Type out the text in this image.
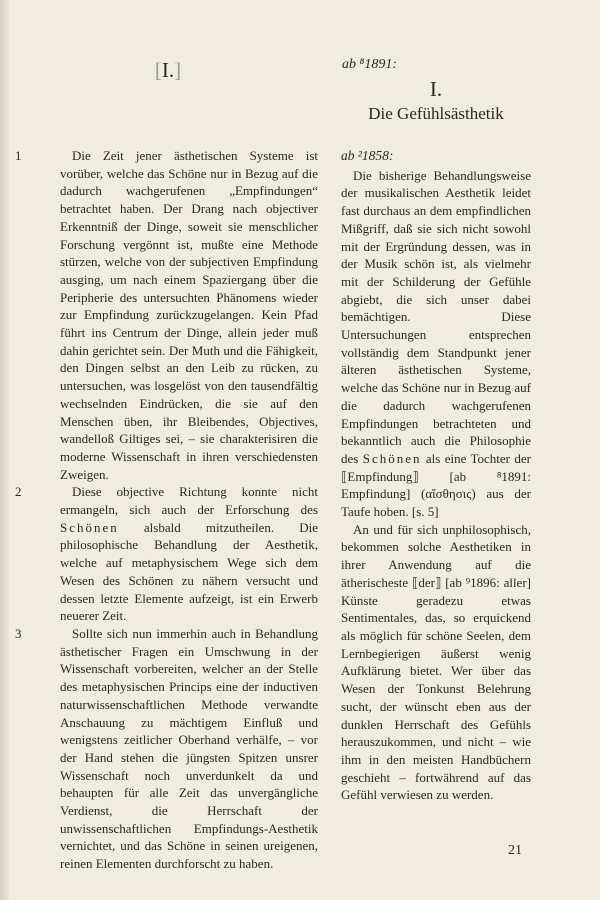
[I.]	ab ⁸1891:
I.
Die Gefühlsästhetik

1	Die Zeit jener ästhetischen Systeme ist vorüber, welche das Schöne nur in Bezug auf die dadurch wachgerufenen „Empfindungen“ betrachtet haben. Der Drang nach objectiver Erkenntniß der Dinge, soweit sie menschlicher Forschung vergönnt ist, mußte eine Methode stürzen, welche von der subjectiven Empfindung ausging, um nach einem Spaziergang über die Peripherie des untersuchten Phänomens wieder zur Empfindung zurückzugelangen. Kein Pfad führt ins Centrum der Dinge, allein jeder muß dahin gerichtet sein. Der Muth und die Fähigkeit, den Dingen selbst an den Leib zu rücken, zu untersuchen, was losgelöst von den tausendfältig wechselnden Eindrücken, die sie auf den Menschen üben, ihr Bleibendes, Objectives, wandelloß Giltiges sei, – sie charakterisiren die moderne Wissenschaft in ihren verschiedensten Zweigen.

2	Diese objective Richtung konnte nicht ermangeln, sich auch der Erforschung des Schönen alsbald mitzutheilen. Die philosophische Behandlung der Aesthetik, welche auf metaphysischem Wege sich dem Wesen des Schönen zu nähern versucht und dessen letzte Elemente aufzeigt, ist ein Erwerb neuerer Zeit.

3	Sollte sich nun immerhin auch in Behandlung ästhetischer Fragen ein Umschwung in der Wissenschaft vorbereiten, welcher an der Stelle des metaphysischen Princips eine der inductiven naturwissenschaftlichen Methode verwandte Anschauung zu mächtigem Einfluß und wenigstens zeitlicher Oberhand verhälfe, – vor der Hand stehen die jüngsten Spitzen unsrer Wissenschaft noch unverdunkelt da und behaupten für alle Zeit das unvergängliche Verdienst, die Herrschaft der unwissenschaftlichen Empfindungs-Aesthetik vernichtet, und das Schöne in seinen ureigenen, reinen Elementen durchforscht zu haben.

ab ²1858:

Die bisherige Behandlungsweise der musikalischen Aesthetik leidet fast durchaus an dem empfindlichen Mißgriff, daß sie sich nicht sowohl mit der Ergründung dessen, was in der Musik schön ist, als vielmehr mit der Schilderung der Gefühle abgiebt, die sich unser dabei bemächtigen. Diese Untersuchungen entsprechen vollständig dem Standpunkt jener älteren ästhetischen Systeme, welche das Schöne nur in Bezug auf die dadurch wachgerufenen Empfindungen betrachteten und bekanntlich auch die Philosophie des Schönen als eine Tochter der ⟦Empfindung⟧ [ab ⁸1891: Empfindung] (αἴσθησις) aus der Taufe hoben. [s. 5]

An und für sich unphilosophisch, bekommen solche Aesthetiken in ihrer Anwendung auf die ätherischeste ⟦der⟧ [ab ⁹1896: aller] Künste geradezu etwas Sentimentales, das, so erquickend als möglich für schöne Seelen, dem Lernbegierigen äußerst wenig Aufklärung bietet. Wer über das Wesen der Tonkunst Belehrung sucht, der wünscht eben aus der dunklen Herrschaft des Gefühls herauszukommen, und nicht – wie ihm in den meisten Handbüchern geschieht – fortwährend auf das Gefühl verwiesen zu werden.

21
